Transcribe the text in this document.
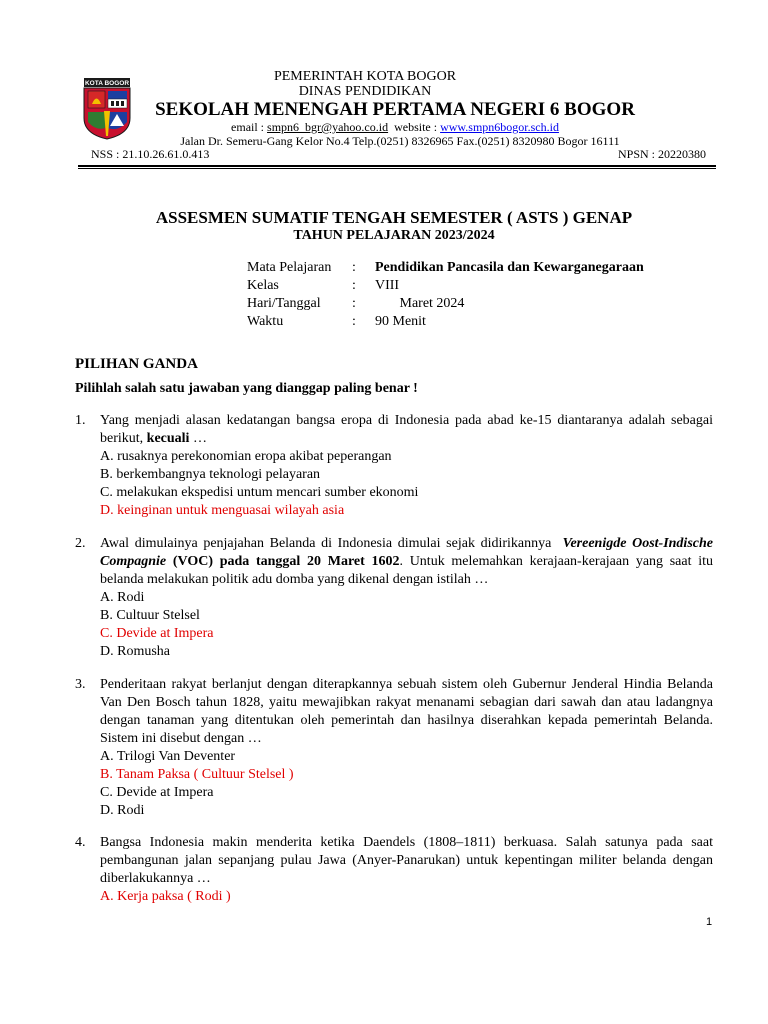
KOTA BOGOR	PEMERINTAH KOTA BOGOR
DINAS PENDIDIKAN
SEKOLAH MENENGAH PERTAMA NEGERI 6 BOGOR
email : smpn6_bgr@yahoo.co.id  website : www.smpn6bogor.sch.id
Jalan Dr. Semeru-Gang Kelor No.4 Telp.(0251) 8326965 Fax.(0251) 8320980 Bogor 16111
NSS : 21.10.26.61.0.413	NPSN : 20220380
ASSESMEN SUMATIF TENGAH SEMESTER ( ASTS ) GENAP
TAHUN PELAJARAN 2023/2024
Mata Pelajaran	:	Pendidikan Pancasila dan Kewarganegaraan
Kelas	:	VIII
Hari/Tanggal	:	Maret 2024
Waktu	:	90 Menit
PILIHAN GANDA
Pilihlah salah satu jawaban yang dianggap paling benar !
1. Yang menjadi alasan kedatangan bangsa eropa di Indonesia pada abad ke-15 diantaranya adalah sebagai berikut, kecuali …
A. rusaknya perekonomian eropa akibat peperangan
B. berkembangnya teknologi pelayaran
C. melakukan ekspedisi untum mencari sumber ekonomi
D. keinginan untuk menguasai wilayah asia
2. Awal dimulainya penjajahan Belanda di Indonesia dimulai sejak didirikannya  Vereenigde Oost-Indische Compagnie (VOC) pada tanggal 20 Maret 1602. Untuk melemahkan kerajaan-kerajaan yang saat itu belanda melakukan politik adu domba yang dikenal dengan istilah …
A. Rodi
B. Cultuur Stelsel
C. Devide at Impera
D. Romusha
3. Penderitaan rakyat berlanjut dengan diterapkannya sebuah sistem oleh Gubernur Jenderal Hindia Belanda Van Den Bosch tahun 1828, yaitu mewajibkan rakyat menanami sebagian dari sawah dan atau ladangnya dengan tanaman yang ditentukan oleh pemerintah dan hasilnya diserahkan kepada pemerintah Belanda. Sistem ini disebut dengan …
A. Trilogi Van Deventer
B. Tanam Paksa ( Cultuur Stelsel )
C. Devide at Impera
D. Rodi
4. Bangsa Indonesia makin menderita ketika Daendels (1808–1811) berkuasa. Salah satunya pada saat pembangunan jalan sepanjang pulau Jawa (Anyer-Panarukan) untuk kepentingan militer belanda dengan diberlakukannya …
A. Kerja paksa ( Rodi )
1
